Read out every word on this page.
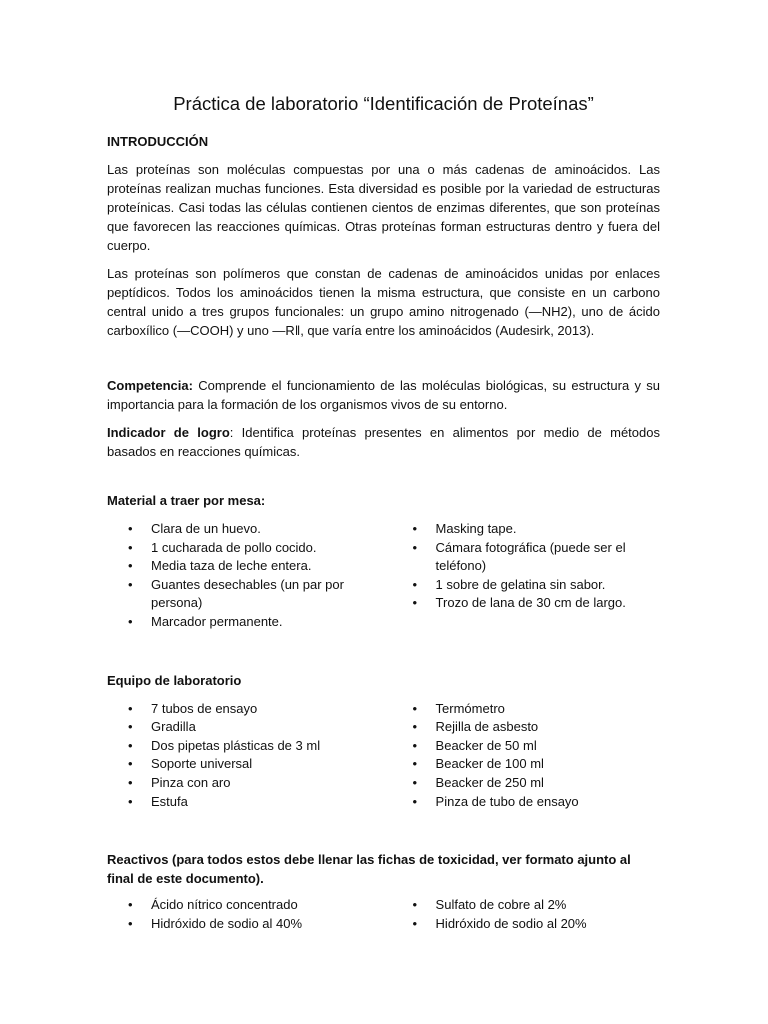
Práctica de laboratorio “Identificación de Proteínas”
INTRODUCCIÓN

Las proteínas son moléculas compuestas por una o más cadenas de aminoácidos. Las proteínas realizan muchas funciones. Esta diversidad es posible por la variedad de estructuras proteínicas. Casi todas las células contienen cientos de enzimas diferentes, que son proteínas que favorecen las reacciones químicas. Otras proteínas forman estructuras dentro y fuera del cuerpo.

Las proteínas son polímeros que constan de cadenas de aminoácidos unidas por enlaces peptídicos. Todos los aminoácidos tienen la misma estructura, que consiste en un carbono central unido a tres grupos funcionales: un grupo amino nitrogenado (—NH2), uno de ácido carboxílico (—COOH) y uno —R‖, que varía entre los aminoácidos (Audesirk, 2013).

Competencia: Comprende el funcionamiento de las moléculas biológicas, su estructura y su importancia para la formación de los organismos vivos de su entorno.

Indicador de logro: Identifica proteínas presentes en alimentos por medio de métodos basados en reacciones químicas.

Material a traer por mesa:
• Clara de un huevo.
• 1 cucharada de pollo cocido.
• Media taza de leche entera.
• Guantes desechables (un par por persona)
• Marcador permanente.
• Masking tape.
• Cámara fotográfica (puede ser el teléfono)
• 1 sobre de gelatina sin sabor.
• Trozo de lana de 30 cm de largo.
Equipo de laboratorio
• 7 tubos de ensayo
• Gradilla
• Dos pipetas plásticas de 3 ml
• Soporte universal
• Pinza con aro
• Estufa
• Termómetro
• Rejilla de asbesto
• Beacker de 50 ml
• Beacker de 100 ml
• Beacker de 250 ml
• Pinza de tubo de ensayo
Reactivos (para todos estos debe llenar las fichas de toxicidad, ver formato ajunto al final de este documento).
• Ácido nítrico concentrado
• Hidróxido de sodio al 40%
• Sulfato de cobre al 2%
• Hidróxido de sodio al 20%
